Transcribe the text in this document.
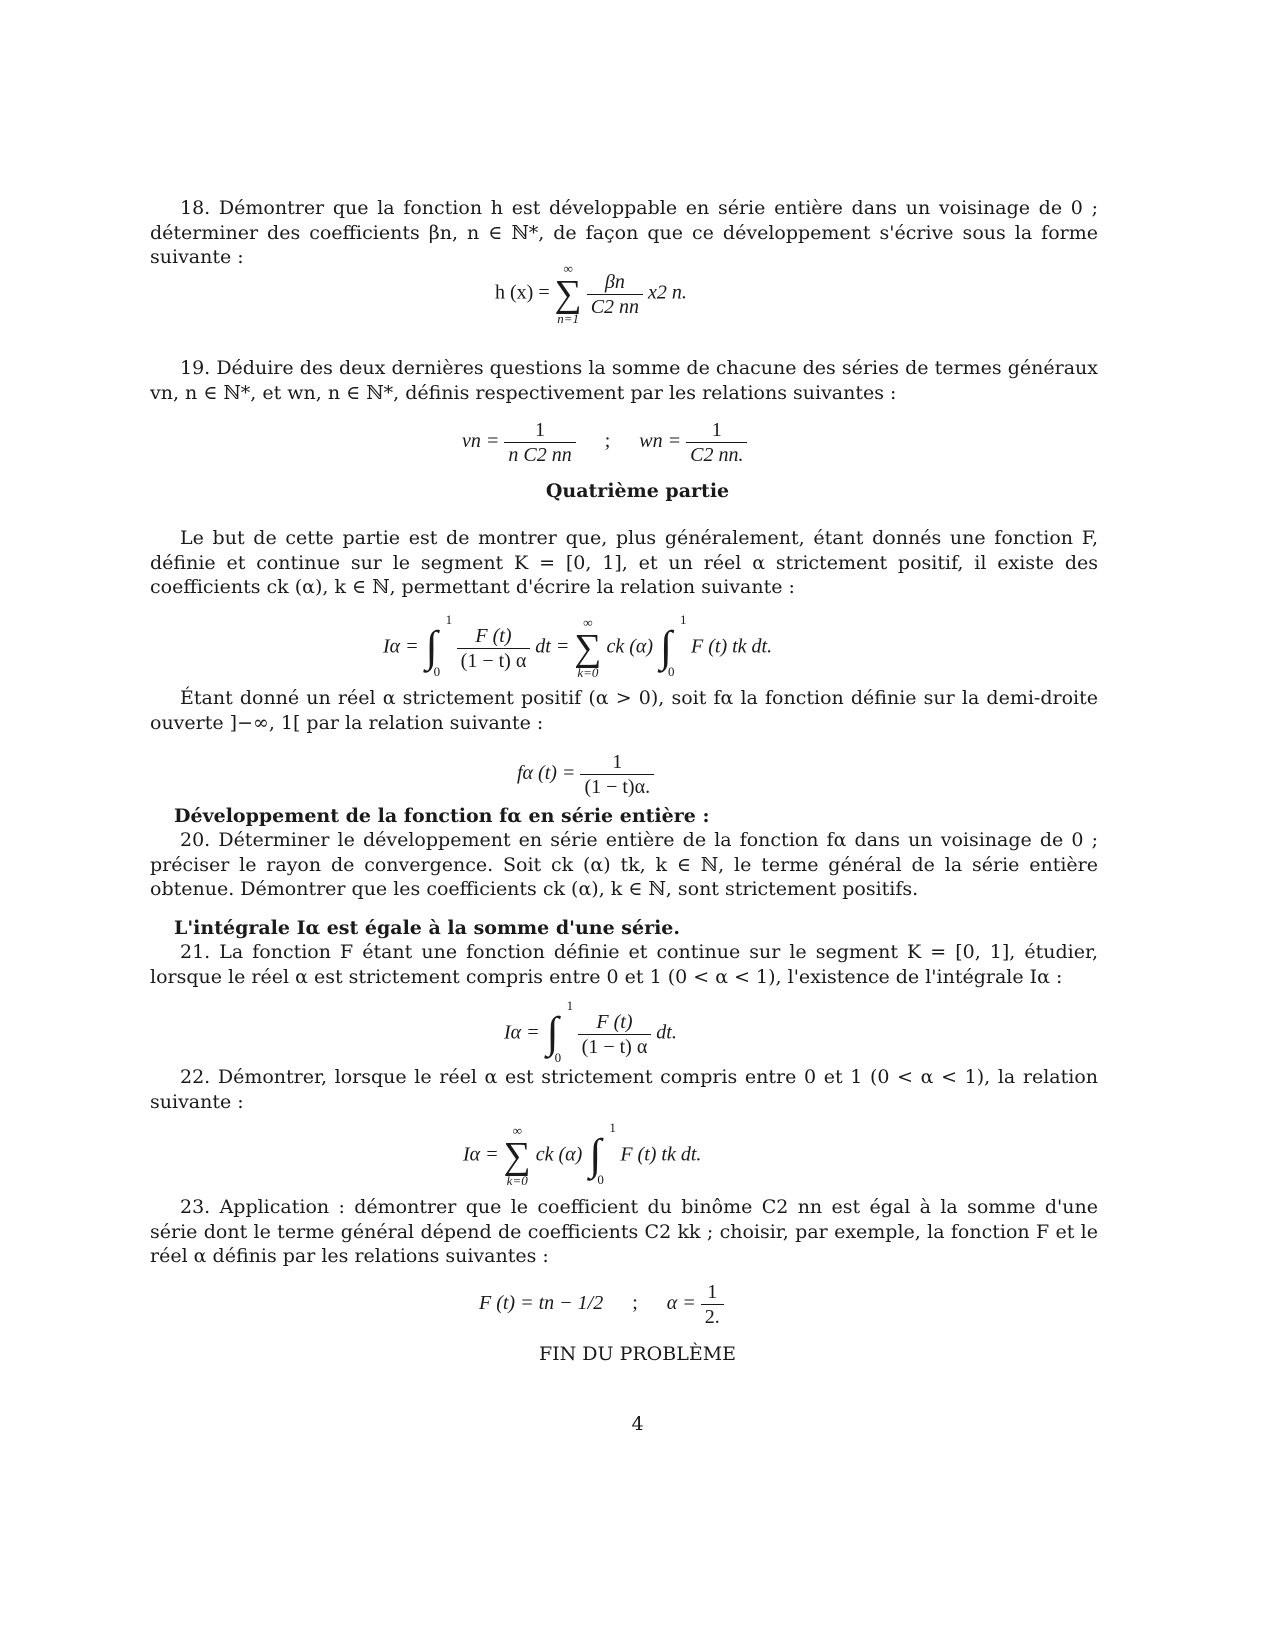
18. Démontrer que la fonction h est développable en série entière dans un voisinage de 0 ; déterminer des coefficients βn, n ∈ ℕ*, de façon que ce développement s'écrive sous la forme suivante :

h (x) =
∞
∑
n=1
$\frac{\beta n}{C2 nn} x2$ n.

19. Déduire des deux dernières questions la somme de chacune des séries de termes généraux vn, n ∈ ℕ*, et wn, n ∈ ℕ*, définis respectivement par les relations suivantes :

vn = $\frac{1}{\text{n C2 nn}}$ ; wn = $\frac{1}{C2 nn.}$
Quatrième partie

Le but de cette partie est de montrer que, plus généralement, étant donnés une fonction F, définie et continue sur le segment K = [0, 1], et un réel α strictement positif, il existe des coefficients ck (α), k ∈ ℕ, permettant d'écrire la relation suivante :

Iα = ∫
1
0
$\frac{F (t)}{(1 - t) \alpha}$ dt =
∞
∑
k=0
ck (α) ∫
1
0
F (t) tk dt.

Étant donné un réel α strictement positif (α > 0), soit fα la fonction définie sur la demi-droite ouverte ]−∞, 1[ par la relation suivante :

fα $(t) = \frac{1}{(1 - t)\alpha.}$
Développement de la fonction fα en série entière :

20. Déterminer le développement en série entière de la fonction fα dans un voisinage de 0 ; préciser le rayon de convergence. Soit ck (α) tk, k ∈ ℕ, le terme général de la série entière obtenue. Démontrer que les coefficients ck (α), k ∈ ℕ, sont strictement positifs.

L'intégrale Iα est égale à la somme d'une série.

21. La fonction F étant une fonction définie et continue sur le segment K = [0, 1], étudier, lorsque le réel α est strictement compris entre 0 et 1 (0 < α < 1), l'existence de l'intégrale Iα :

Iα = ∫
1
0
$\frac{F (t)}{(1 - t) \alpha}$ dt.

22. Démontrer, lorsque le réel α est strictement compris entre 0 et 1 (0 < α < 1), la relation suivante :

Iα =
∞
∑
k=0
ck (α) ∫
1
0
F (t) tk dt.

23. Application : démontrer que le coefficient du binôme C2 nn est égal à la somme d'une série dont le terme général dépend de coefficients C2 kk ; choisir, par exemple, la fonction F et le réel α définis par les relations suivantes :

F (t) = tn − 1/2 ; $\alpha = \frac{1}{2.}$
FIN DU PROBLÈME
4
